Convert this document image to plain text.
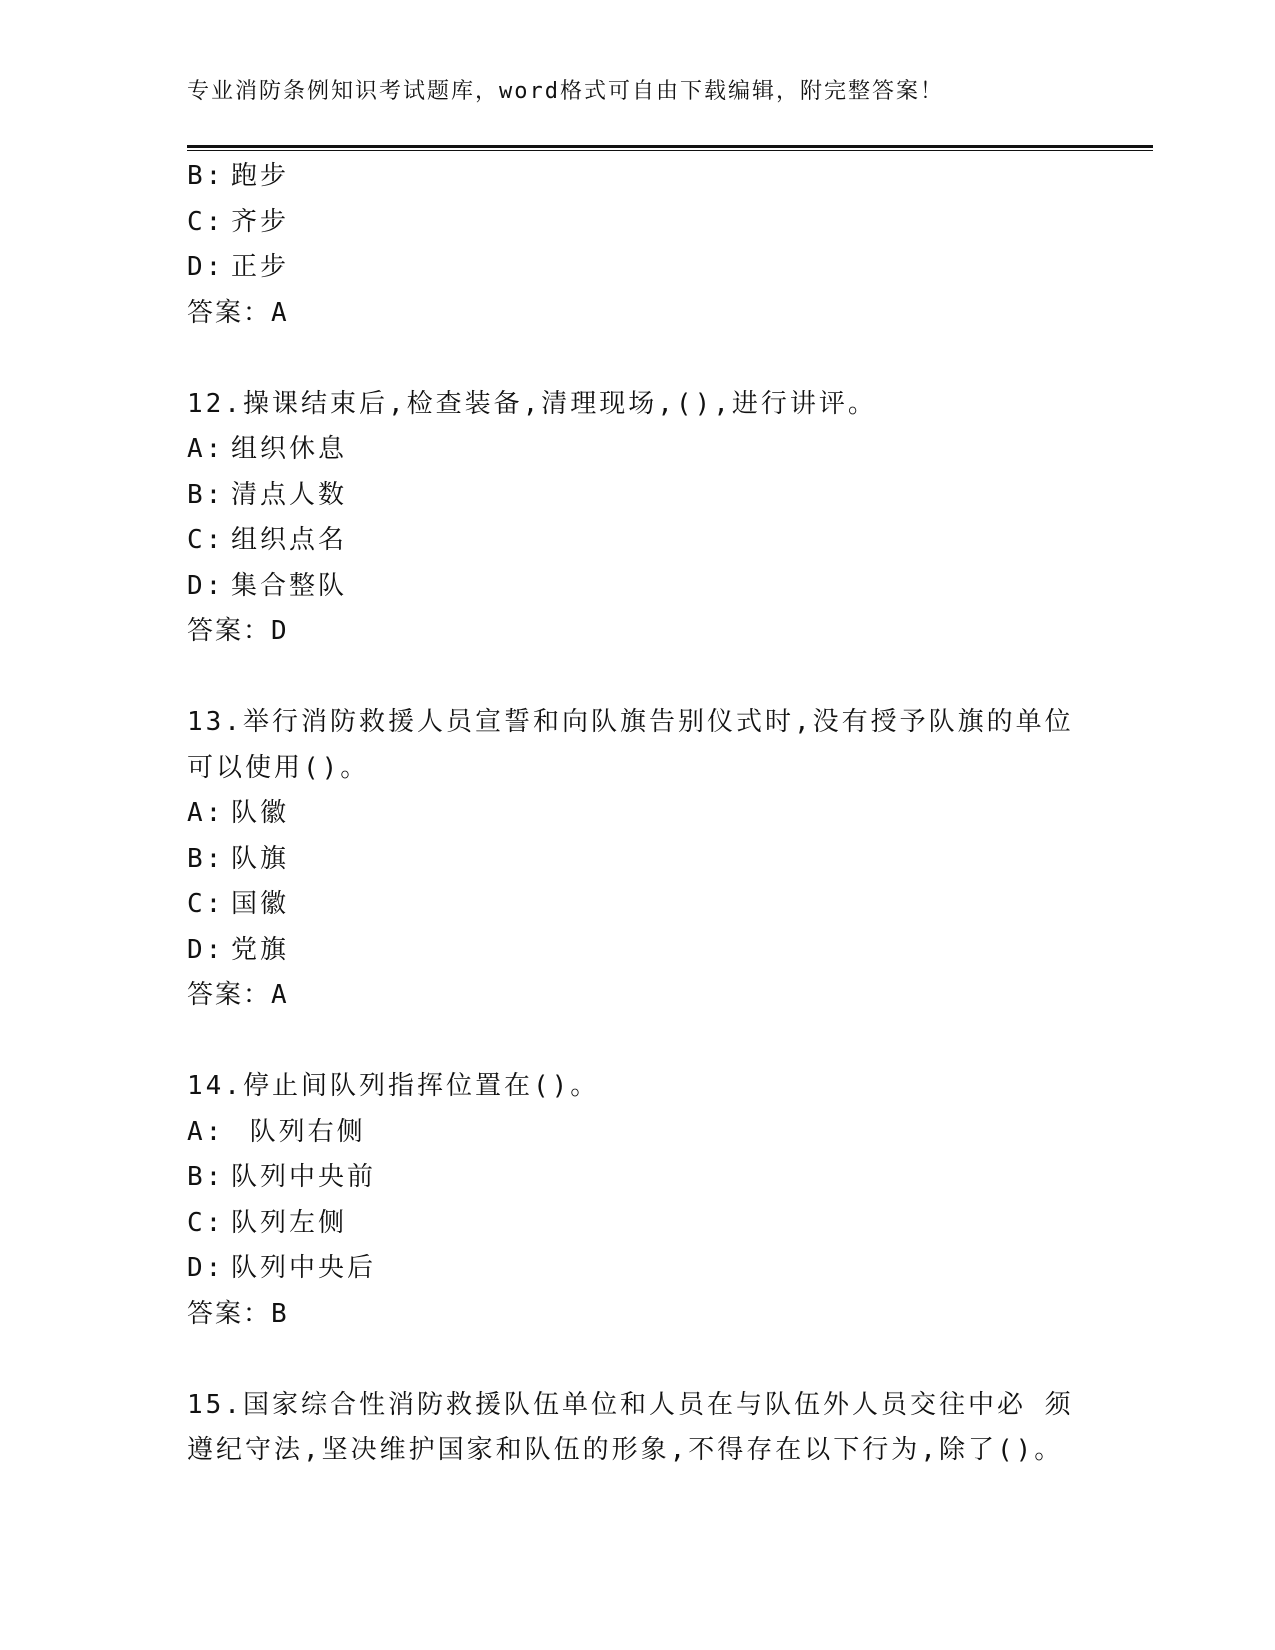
专业消防条例知识考试题库，word格式可自由下载编辑，附完整答案！
B: 跑步
C: 齐步
D: 正步
答案：A
12.操课结束后,检查装备,清理现场,(),进行讲评。
A: 组织休息
B: 清点人数
C: 组织点名
D: 集合整队
答案：D
13.举行消防救援人员宣誓和向队旗告别仪式时,没有授予队旗的单位
可以使用()。
A: 队徽
B: 队旗
C: 国徽
D: 党旗
答案：A
14.停止间队列指挥位置在()。
A: 队列右侧
B: 队列中央前
C: 队列左侧
D: 队列中央后
答案：B
15.国家综合性消防救援队伍单位和人员在与队伍外人员交往中必 须
遵纪守法,坚决维护国家和队伍的形象,不得存在以下行为,除了()。
